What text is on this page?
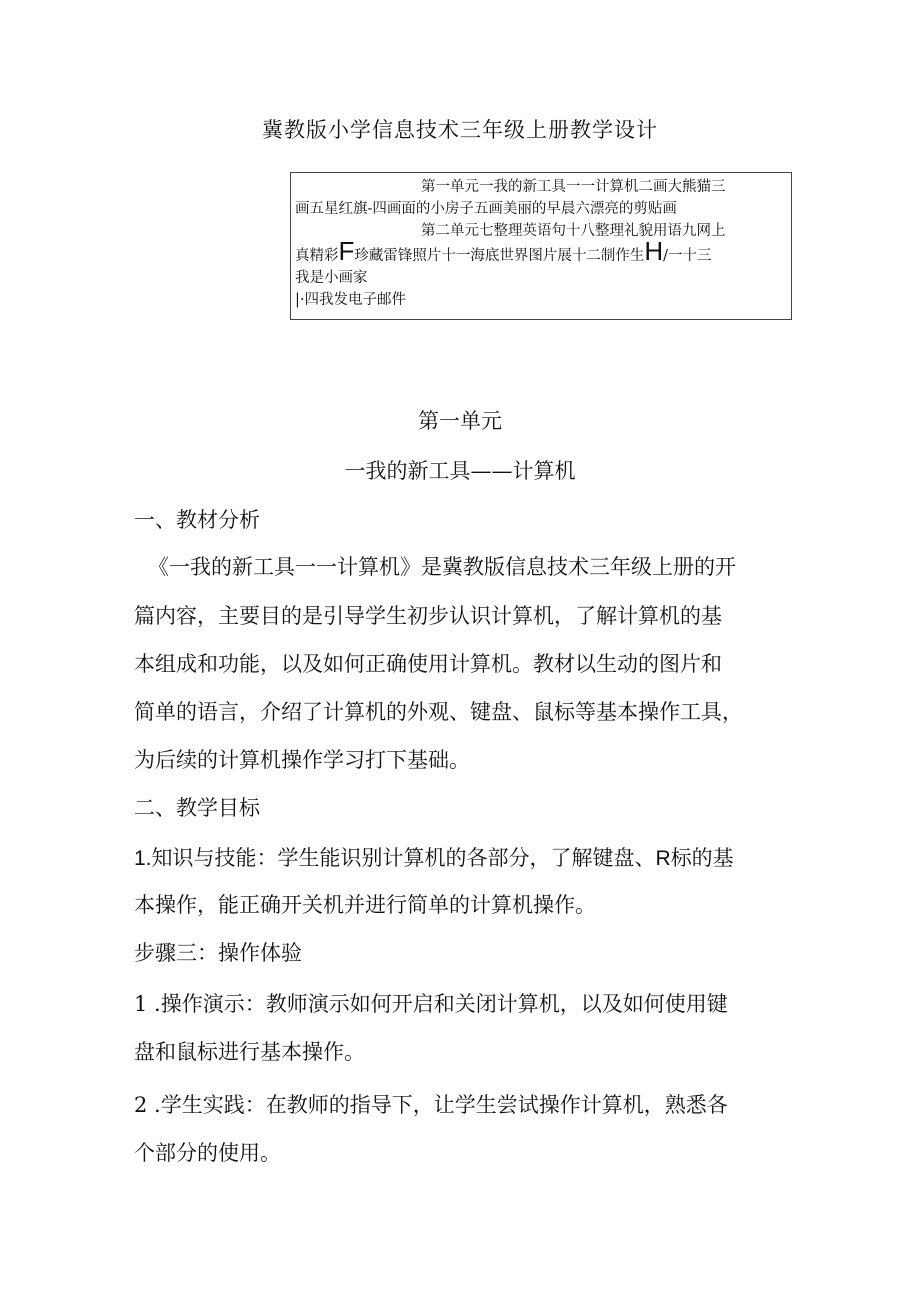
冀教版小学信息技术三年级上册教学设计
第一单元一我的新工具一一计算机二画大熊猫三
画五星红旗-四画面的小房子五画美丽的早晨六漂亮的剪贴画
第二单元七整理英语句十八整理礼貌用语九网上
真精彩F珍藏雷锋照片十一海底世界图片展十二制作生H/一十三
我是小画家
|·四我发电子邮件
第一单元
一我的新工具——计算机
一、教材分析
《一我的新工具一一计算机》是冀教版信息技术三年级上册的开
篇内容，主要目的是引导学生初步认识计算机，了解计算机的基
本组成和功能，以及如何正确使用计算机。教材以生动的图片和
简单的语言，介绍了计算机的外观、键盘、鼠标等基本操作工具，
为后续的计算机操作学习打下基础。
二、教学目标
1.知识与技能：学生能识别计算机的各部分，了解键盘、R标的基
本操作，能正确开关机并进行简单的计算机操作。
步骤三：操作体验
1 .操作演示：教师演示如何开启和关闭计算机，以及如何使用键
盘和鼠标进行基本操作。
2 .学生实践：在教师的指导下，让学生尝试操作计算机，熟悉各
个部分的使用。
